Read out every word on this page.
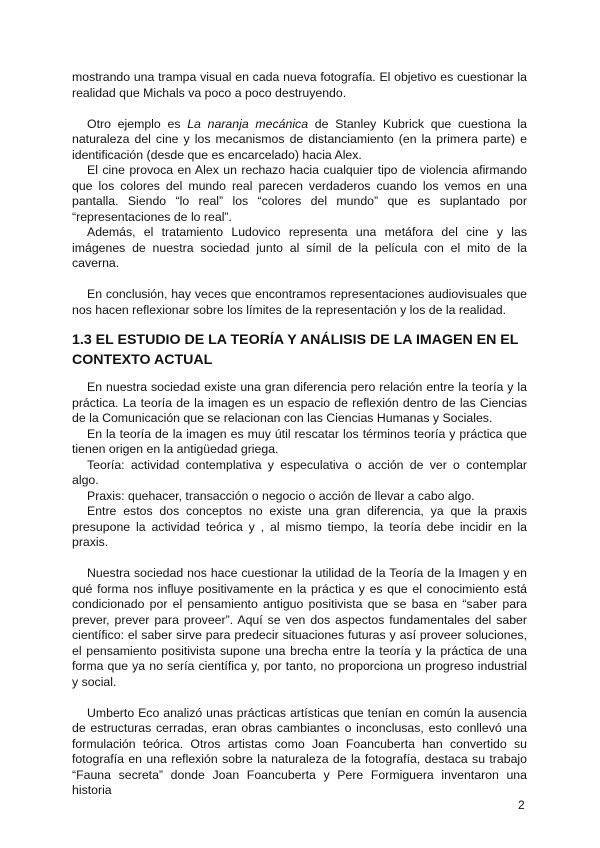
mostrando una trampa visual en cada nueva fotografía. El objetivo es cuestionar la realidad que Michals va poco a poco destruyendo.

Otro ejemplo es La naranja mecánica de Stanley Kubrick que cuestiona la naturaleza del cine y los mecanismos de distanciamiento (en la primera parte) e identificación (desde que es encarcelado) hacia Alex.

El cine provoca en Alex un rechazo hacia cualquier tipo de violencia afirmando que los colores del mundo real parecen verdaderos cuando los vemos en una pantalla. Siendo “lo real” los “colores del mundo” que es suplantado por “representaciones de lo real”.

Además, el tratamiento Ludovico representa una metáfora del cine y las imágenes de nuestra sociedad junto al símil de la película con el mito de la caverna.

En conclusión, hay veces que encontramos representaciones audiovisuales que nos hacen reflexionar sobre los límites de la representación y los de la realidad.

1.3 EL ESTUDIO DE LA TEORÍA Y ANÁLISIS DE LA IMAGEN EN EL CONTEXTO ACTUAL

En nuestra sociedad existe una gran diferencia pero relación entre la teoría y la práctica. La teoría de la imagen es un espacio de reflexión dentro de las Ciencias de la Comunicación que se relacionan con las Ciencias Humanas y Sociales.

En la teoría de la imagen es muy útil rescatar los términos teoría y práctica que tienen origen en la antigüedad griega.

Teoría: actividad contemplativa y especulativa o acción de ver o contemplar algo.

Praxis: quehacer, transacción o negocio o acción de llevar a cabo algo.

Entre estos dos conceptos no existe una gran diferencia, ya que la praxis presupone la actividad teórica y , al mismo tiempo, la teoría debe incidir en la praxis.

Nuestra sociedad nos hace cuestionar la utilidad de la Teoría de la Imagen y en qué forma nos influye positivamente en la práctica y es que el conocimiento está condicionado por el pensamiento antiguo positivista que se basa en “saber para prever, prever para proveer”. Aquí se ven dos aspectos fundamentales del saber científico: el saber sirve para predecir situaciones futuras y así proveer soluciones, el pensamiento positivista supone una brecha entre la teoría y la práctica de una forma que ya no sería científica y, por tanto, no proporciona un progreso industrial y social.

Umberto Eco analizó unas prácticas artísticas que tenían en común la ausencia de estructuras cerradas, eran obras cambiantes o inconclusas, esto conllevó una formulación teórica. Otros artistas como Joan Foancuberta han convertido su fotografía en una reflexión sobre la naturaleza de la fotografía, destaca su trabajo “Fauna secreta” donde Joan Foancuberta y Pere Formiguera inventaron una historia

2
